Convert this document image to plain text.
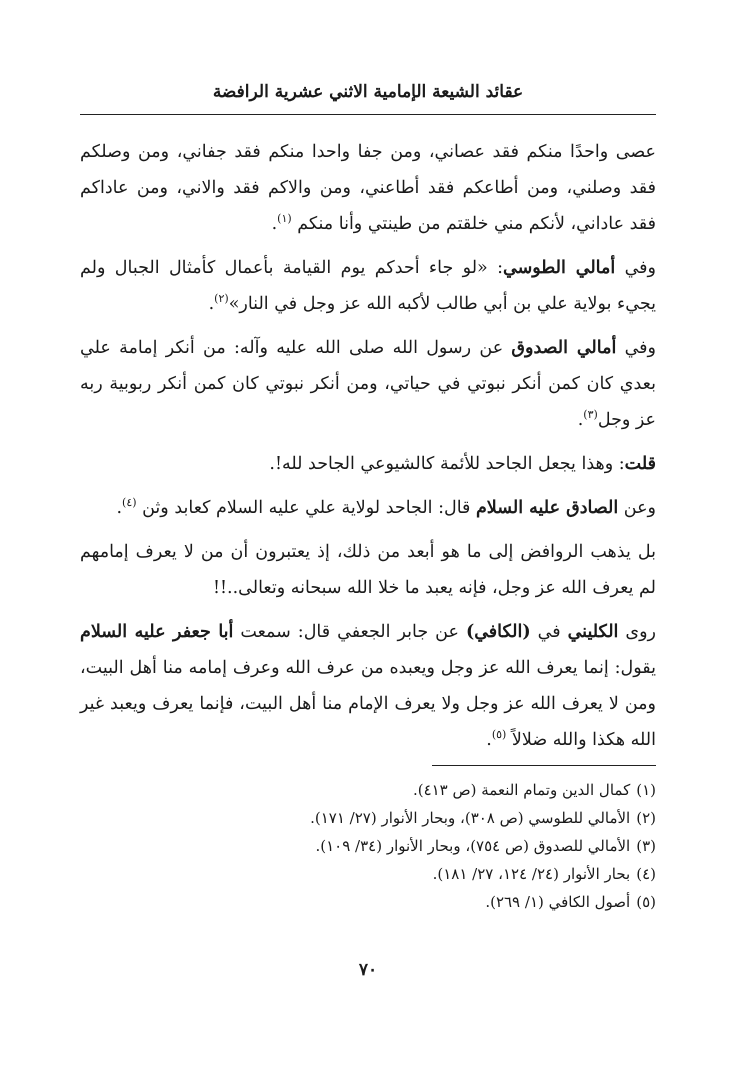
عقائد الشيعة الإمامية الاثني عشرية الرافضة

عصى واحدًا منكم فقد عصاني، ومن جفا واحدا منكم فقد جفاني، ومن وصلكم فقد وصلني، ومن أطاعكم فقد أطاعني، ومن والاكم فقد والاني، ومن عاداكم فقد عاداني، لأنكم مني خلقتم من طينتي وأنا منكم $^{(١)}$.

وفي أمالي الطوسي: «لو جاء أحدكم يوم القيامة بأعمال كأمثال الجبال ولم يجيء بولاية علي بن أبي طالب لأكبه الله عز وجل في النار»$^{(٢)}$.

وفي أمالي الصدوق عن رسول الله صلى الله عليه وآله: من أنكر إمامة علي بعدي كان كمن أنكر نبوتي في حياتي، ومن أنكر نبوتي كان كمن أنكر ربوبية ربه عز وجل$^{(٣)}$.

قلت: وهذا يجعل الجاحد للأئمة كالشيوعي الجاحد لله!.

وعن الصادق عليه السلام قال: الجاحد لولاية علي عليه السلام كعابد وثن $^{(٤)}$.

بل يذهب الروافض إلى ما هو أبعد من ذلك، إذ يعتبرون أن من لا يعرف إمامهم لم يعرف الله عز وجل، فإنه يعبد ما خلا الله سبحانه وتعالى..!!

روى الكليني في (الكافي) عن جابر الجعفي قال: سمعت أبا جعفر عليه السلام يقول: إنما يعرف الله عز وجل ويعبده من عرف الله وعرف إمامه منا أهل البيت، ومن لا يعرف الله عز وجل ولا يعرف الإمام منا أهل البيت، فإنما يعرف ويعبد غير الله هكذا والله ضلالاً $^{(٥)}$.

(١)كمال الدين وتمام النعمة (ص ٤١٣).

(٢)الأمالي للطوسي (ص ٣٠٨)، وبحار الأنوار (٢٧/ ١٧١).

(٣)الأمالي للصدوق (ص ٧٥٤)، وبحار الأنوار (٣٤/ ١٠٩).

(٤)بحار الأنوار (٢٤/ ١٢٤، ٢٧/ ١٨١).

(٥)أصول الكافي (١/ ٢٦٩).

٧٠
